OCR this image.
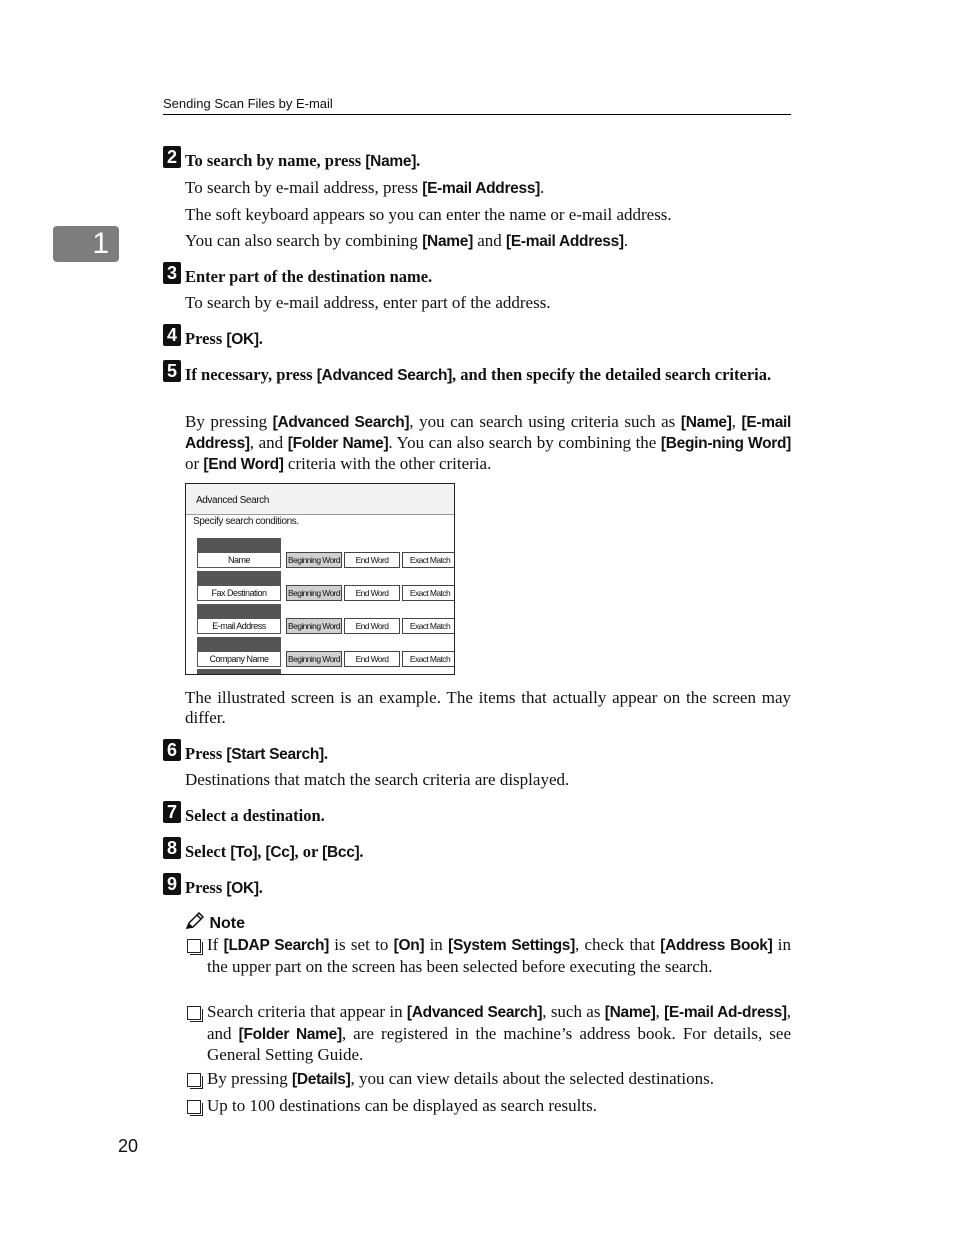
Sending Scan Files by E-mail
1
2 To search by name, press [Name].
To search by e-mail address, press [E-mail Address].
The soft keyboard appears so you can enter the name or e-mail address.
You can also search by combining [Name] and [E-mail Address].
3 Enter part of the destination name.
To search by e-mail address, enter part of the address.
4 Press [OK].
5 If necessary, press [Advanced Search], and then specify the detailed search criteria.
By pressing [Advanced Search], you can search using criteria such as [Name], [E-mail Address], and [Folder Name]. You can also search by combining the [Begin-ning Word] or [End Word] criteria with the other criteria.
Advanced Search
Specify search conditions.
Name	Beginning Word	End Word	Exact Match
Fax Destination	Beginning Word	End Word	Exact Match
E-mail Address	Beginning Word	End Word	Exact Match
Company Name	Beginning Word	End Word	Exact Match
The illustrated screen is an example. The items that actually appear on the screen may differ.
6 Press [Start Search].
Destinations that match the search criteria are displayed.
7 Select a destination.
8 Select [To], [Cc], or [Bcc].
9 Press [OK].
Note
If [LDAP Search] is set to [On] in [System Settings], check that [Address Book] in the upper part on the screen has been selected before executing the search.
Search criteria that appear in [Advanced Search], such as [Name], [E-mail Ad-dress], and [Folder Name], are registered in the machine’s address book. For details, see General Setting Guide.
By pressing [Details], you can view details about the selected destinations.
Up to 100 destinations can be displayed as search results.
20
